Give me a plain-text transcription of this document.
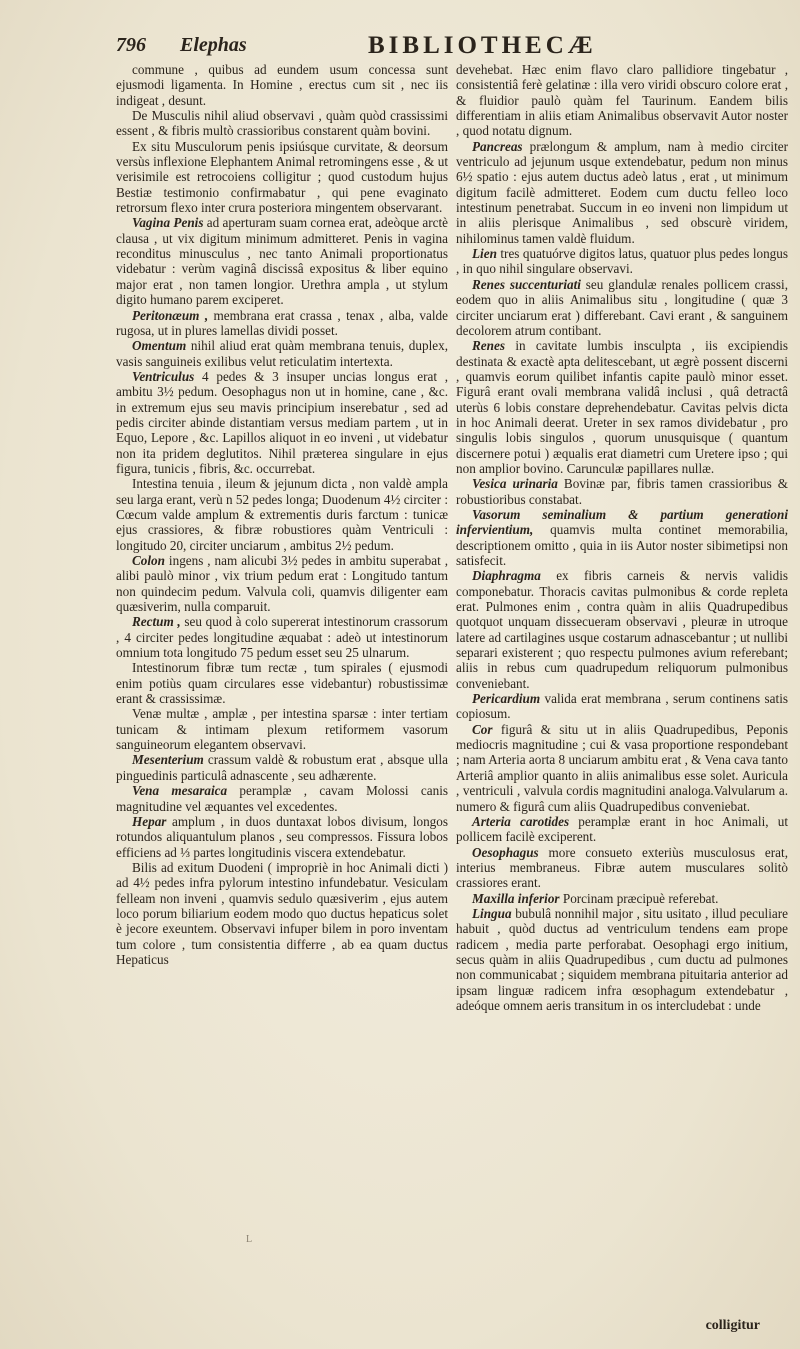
796 Elephas	BIBLIOTHECÆ

commune , quibus ad eundem usum concessa sunt ejusmodi ligamenta. In Homine , erectus cum sit , nec iis indigeat , desunt.

De Musculis nihil aliud observavi , quàm quòd crassissimi essent , & fibris multò crassioribus constarent quàm bovini.

Ex situ Musculorum penis ipsiúsque curvitate, & deorsum versùs inflexione Elephantem Animal retromingens esse , & ut verisimile est retrocoiens colligitur ; quod custodum hujus Bestiæ testimonio confirmabatur , qui pene evaginato retrorsum flexo inter crura posteriora mingentem observarant.

Vagina Penis ad aperturam suam cornea erat, adeòque arctè clausa , ut vix digitum minimum admitteret. Penis in vagina reconditus minusculus , nec tanto Animali proportionatus videbatur : verùm vaginâ discissâ expositus & liber equino major erat , non tamen longior. Urethra ampla , ut stylum digito humano parem exciperet.

Peritonæum , membrana erat crassa , tenax , alba, valde rugosa, ut in plures lamellas dividi posset.

Omentum nihil aliud erat quàm membrana tenuis, duplex, vasis sanguineis exilibus velut reticulatim intertexta.

Ventriculus 4 pedes & 3 insuper uncias longus erat , ambitu 3½ pedum. Oesophagus non ut in homine, cane , &c. in extremum ejus seu mavis principium inserebatur , sed ad pedis circiter abinde distantiam versus mediam partem , ut in Equo, Lepore , &c. Lapillos aliquot in eo inveni , ut videbatur non ita pridem deglutitos. Nihil præterea singulare in ejus figura, tunicis , fibris, &c. occurrebat.

Intestina tenuia , ileum & jejunum dicta , non valdè ampla seu larga erant, verù n 52 pedes longa; Duodenum 4½ circiter : Cœcum valde amplum & extrementis duris farctum : tunicæ ejus crassiores, & fibræ robustiores quàm Ventriculi : longitudo 20, circiter unciarum , ambitus 2½ pedum.

Colon ingens , nam alicubi 3½ pedes in ambitu superabat , alibi paulò minor , vix trium pedum erat : Longitudo tantum non quindecim pedum. Valvula coli, quamvis diligenter eam quæsiverim, nulla comparuit.

Rectum , seu quod à colo supererat intestinorum crassorum , 4 circiter pedes longitudine æquabat : adeò ut intestinorum omnium tota longitudo 75 pedum esset seu 25 ulnarum.

Intestinorum fibræ tum rectæ , tum spirales ( ejusmodi enim potiùs quam circulares esse videbantur) robustissimæ erant & crassissimæ.

Venæ multæ , amplæ , per intestina sparsæ : inter tertiam tunicam & intimam plexum retiformem vasorum sanguineorum elegantem observavi.

Mesenterium crassum valdè & robustum erat , absque ulla pinguedinis particulâ adnascente , seu adhærente.

Vena mesaraica peramplæ , cavam Molossi canis magnitudine vel æquantes vel excedentes.

Hepar amplum , in duos duntaxat lobos divisum, longos rotundos aliquantulum planos , seu compressos. Fissura lobos efficiens ad ⅓ partes longitudinis viscera extendebatur.

Bilis ad exitum Duodeni ( impropriè in hoc Animali dicti ) ad 4½ pedes infra pylorum intestino infundebatur. Vesiculam felleam non inveni , quamvis sedulo quæsiverim , ejus autem loco porum biliarium eodem modo quo ductus hepaticus solet è jecore exeuntem. Observavi infuper bilem in poro inventam tum colore , tum consistentia differre , ab ea quam ductus Hepaticus

devehebat. Hæc enim flavo claro pallidiore tingebatur , consistentiâ ferè gelatinæ : illa vero viridi obscuro colore erat , & fluidior paulò quàm fel Taurinum. Eandem bilis differentiam in aliis etiam Animalibus observavit Autor noster , quod notatu dignum.

Pancreas prælongum & amplum, nam à medio circiter ventriculo ad jejunum usque extendebatur, pedum non minus 6½ spatio : ejus autem ductus adeò latus , erat , ut minimum digitum facilè admitteret. Eodem cum ductu felleo loco intestinum penetrabat. Succum in eo inveni non limpidum ut in aliis plerisque Animalibus , sed obscurè viridem, nihilominus tamen valdè fluidum.

Lien tres quatuórve digitos latus, quatuor plus pedes longus , in quo nihil singulare observavi.

Renes succenturiati seu glandulæ renales pollicem crassi, eodem quo in aliis Animalibus situ , longitudine ( quæ 3 circiter unciarum erat ) differebant. Cavi erant , & sanguinem decolorem atrum contibant.

Renes in cavitate lumbis insculpta , iis excipiendis destinata & exactè apta delitescebant, ut ægrè possent discerni , quamvis eorum quilibet infantis capite paulò minor esset. Figurâ erant ovali membrana validâ inclusi , quâ detractâ uterùs 6 lobis constare deprehendebatur. Cavitas pelvis dicta in hoc Animali deerat. Ureter in sex ramos dividebatur , pro singulis lobis singulos , quorum unusquisque ( quantum discernere potui ) æqualis erat diametri cum Uretere ipso ; qui non amplior bovino. Carunculæ papillares nullæ.

Vesica urinaria Bovinæ par, fibris tamen crassioribus & robustioribus constabat.

Vasorum seminalium & partium generationi infervientium, quamvis multa continet memorabilia, descriptionem omitto , quia in iis Autor noster sibimetipsi non satisfecit.

Diaphragma ex fibris carneis & nervis validis componebatur. Thoracis cavitas pulmonibus & corde repleta erat. Pulmones enim , contra quàm in aliis Quadrupedibus quotquot unquam dissecueram observavi , pleuræ in utroque latere ad cartilagines usque costarum adnascebantur ; ut nullibi separari existerent ; quo respectu pulmones avium referebant; aliis in rebus cum quadrupedum reliquorum pulmonibus conveniebant.

Pericardium valida erat membrana , serum continens satis copiosum.

Cor figurâ & situ ut in aliis Quadrupedibus, Peponis mediocris magnitudine ; cui & vasa proportione respondebant ; nam Arteria aorta 8 unciarum ambitu erat , & Vena cava tanto Arteriâ amplior quanto in aliis animalibus esse solet. Auricula , ventriculi , valvula cordis magnitudini analoga.Valvularum a. numero & figurâ cum aliis Quadrupedibus conveniebat.

Arteria carotides peramplæ erant in hoc Animali, ut pollicem facilè exciperent.

Oesophagus more consueto exteriùs musculosus erat, interius membraneus. Fibræ autem musculares solitò crassiores erant.

Maxilla inferior Porcinam præcipuè referebat.

Lingua bubulâ nonnihil major , situ usitato , illud peculiare habuit , quòd ductus ad ventriculum tendens eam prope radicem , media parte perforabat. Oesophagi ergo initium, secus quàm in aliis Quadrupedibus , cum ductu ad pulmones non communicabat ; siquidem membrana pituitaria anterior ad ipsam linguæ radicem infra œsophagum extendebatur , adeóque omnem aeris transitum in os intercludebat : unde

L
colligitur
